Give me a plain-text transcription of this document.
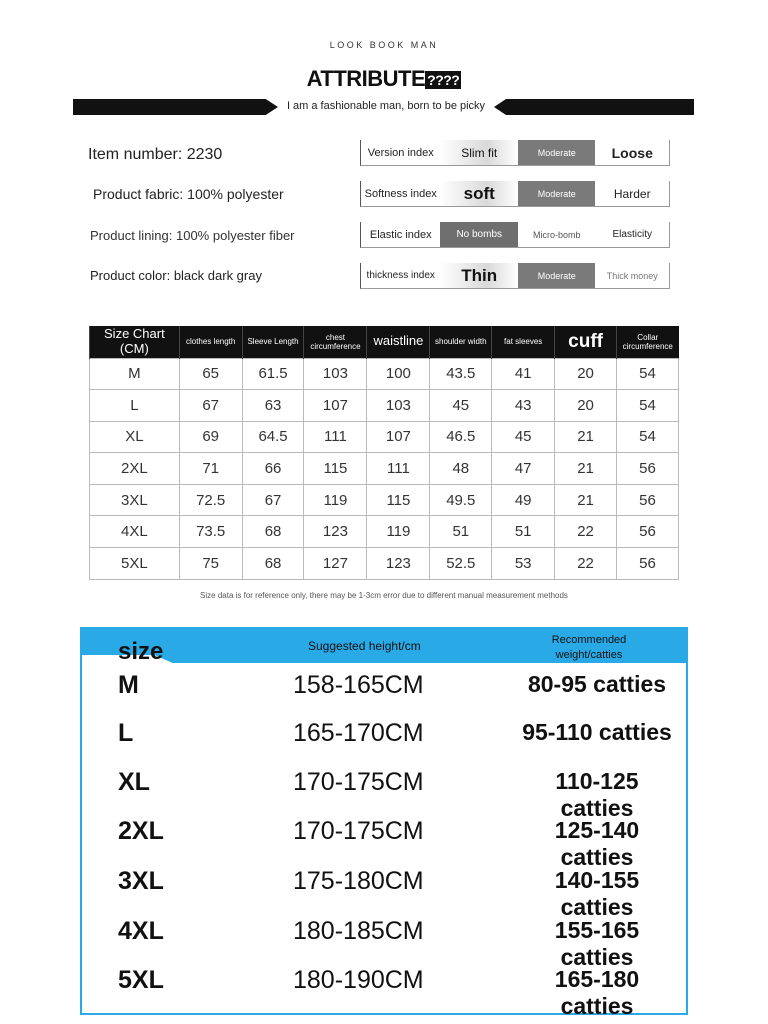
LOOK BOOK MAN
ATTRIBUTE ????
I am a fashionable man, born to be picky
Item number: 2230
Product fabric: 100% polyester
Product lining: 100% polyester fiber
Product color: black dark gray
Version index	Slim fit	Moderate	Loose
Softness index	soft	Moderate	Harder
Elastic index	No bombs	Micro-bomb	Elasticity
thickness index	Thin	Moderate	Thick money
Size Chart (CM)	clothes length	Sleeve Length	chest circumference	waistline	shoulder width	fat sleeves	cuff	Collar circumference
M	65	61.5	103	100	43.5	41	20	54
L	67	63	107	103	45	43	20	54
XL	69	64.5	111	107	46.5	45	21	54
2XL	71	66	115	111	48	47	21	56
3XL	72.5	67	119	115	49.5	49	21	56
4XL	73.5	68	123	119	51	51	22	56
5XL	75	68	127	123	52.5	53	22	56
Size data is for reference only, there may be 1-3cm error due to different manual measurement methods
size	Suggested height/cm	Recommended
weight/catties
M	158-165CM	80-95 catties
L	165-170CM	95-110 catties
XL	170-175CM	110-125 catties
2XL	170-175CM	125-140 catties
3XL	175-180CM	140-155 catties
4XL	180-185CM	155-165 catties
5XL	180-190CM	165-180 catties
